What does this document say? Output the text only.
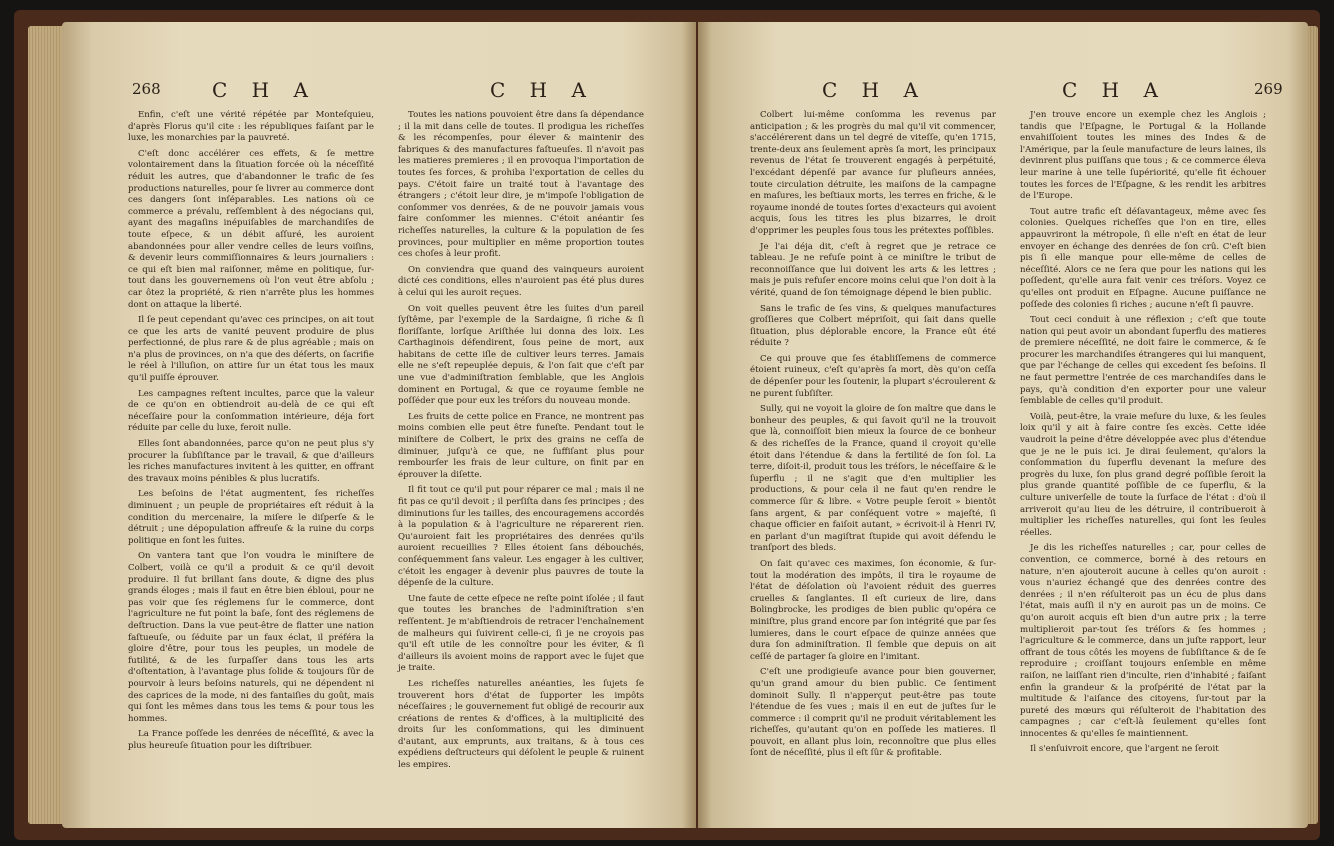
268	C H A	C H A

Enfin, c'eſt une vérité répétée par Monteſquieu, d'après Florus qu'il cite : les républiques faiſant par le luxe, les monarchies par la pauvreté.

C'eſt donc accélérer ces effets, & ſe mettre volontairement dans la ſituation forcée où la néceſſité réduit les autres, que d'abandonner le trafic de ſes productions naturelles, pour ſe livrer au commerce dont ces dangers ſont inſéparables. Les nations où ce commerce a prévalu, reſſemblent à des négocians qui, ayant des magaſins inépuiſables de marchandiſes de toute eſpece, & un débit aſſuré, les auroient abandonnées pour aller vendre celles de leurs voiſins, & devenir leurs commiſſionnaires & leurs journaliers : ce qui eſt bien mal raiſonner, même en politique, ſur-tout dans les gouvernemens où l'on veut être abſolu ; car ôtez la propriété, & rien n'arrête plus les hommes dont on attaque la liberté.

Il ſe peut cependant qu'avec ces principes, on ait tout ce que les arts de vanité peuvent produire de plus perfectionné, de plus rare & de plus agréable ; mais on n'a plus de provinces, on n'a que des déſerts, on ſacrifie le réel à l'illuſion, on attire ſur un état tous les maux qu'il puiſſe éprouver.

Les campagnes reſtent incultes, parce que la valeur de ce qu'on en obtiendroit au-delà de ce qui eſt néceſſaire pour la conſommation intérieure, déja fort réduite par celle du luxe, feroit nulle.

Elles ſont abandonnées, parce qu'on ne peut plus s'y procurer la ſubſiſtance par le travail, & que d'ailleurs les riches manufactures invitent à les quitter, en offrant des travaux moins pénibles & plus lucratifs.

Les beſoins de l'état augmentent, ſes richeſſes diminuent ; un peuple de propriétaires eſt réduit à la condition du mercenaire, la miſere le diſperſe & le détruit ; une dépopulation affreuſe & la ruine du corps politique en ſont les ſuites.

On vantera tant que l'on voudra le miniſtere de Colbert, voilà ce qu'il a produit & ce qu'il devoit produire. Il fut brillant ſans doute, & digne des plus grands éloges ; mais il faut en être bien ébloui, pour ne pas voir que ſes réglemens ſur le commerce, dont l'agriculture ne fut point la baſe, ſont des réglemens de deſtruction. Dans la vue peut-être de flatter une nation faſtueuſe, ou ſéduite par un faux éclat, il préféra la gloire d'être, pour tous les peuples, un modele de futilité, & de les ſurpaſſer dans tous les arts d'oſtentation, à l'avantage plus ſolide & toujours ſûr de pourvoir à leurs beſoins naturels, qui ne dépendent ni des caprices de la mode, ni des fantaiſies du goût, mais qui ſont les mêmes dans tous les tems & pour tous les hommes.

La France poſſede les denrées de néceſſité, & avec la plus heureuſe ſituation pour les diſtribuer.

Toutes les nations pouvoient être dans ſa dépendance ; il la mit dans celle de toutes. Il prodigua les richeſſes & les récompenſes, pour élever & maintenir des fabriques & des manufactures faſtueuſes. Il n'avoit pas les matieres premieres ; il en provoqua l'importation de toutes ſes forces, & prohiba l'exportation de celles du pays. C'étoit faire un traité tout à l'avantage des étrangers ; c'étoit leur dire, je m'impoſe l'obligation de conſommer vos denrées, & de ne pouvoir jamais vous faire conſommer les miennes. C'étoit anéantir ſes richeſſes naturelles, la culture & la population de ſes provinces, pour multiplier en même proportion toutes ces choſes à leur profit.

On conviendra que quand des vainqueurs auroient dicté ces conditions, elles n'auroient pas été plus dures à celui qui les auroit reçues.

On voit quelles peuvent être les ſuites d'un pareil ſyſtême, par l'exemple de la Sardaigne, ſi riche & ſi floriſſante, lorſque Ariſthée lui donna des loix. Les Carthaginois défendirent, ſous peine de mort, aux habitans de cette iſle de cultiver leurs terres. Jamais elle ne s'eſt repeuplée depuis, & l'on ſait que c'eſt par une vue d'adminiſtration ſemblable, que les Anglois dominent en Portugal, & que ce royaume ſemble ne poſſéder que pour eux les tréſors du nouveau monde.

Les fruits de cette police en France, ne montrent pas moins combien elle peut être funeſte. Pendant tout le miniſtere de Colbert, le prix des grains ne ceſſa de diminuer, juſqu'à ce que, ne ſuffiſant plus pour rembourſer les frais de leur culture, on finit par en éprouver la diſette.

Il fit tout ce qu'il put pour réparer ce mal ; mais il ne fit pas ce qu'il devoit ; il perſiſta dans ſes principes ; des diminutions ſur les tailles, des encouragemens accordés à la population & à l'agriculture ne réparerent rien. Qu'auroient fait les propriétaires des denrées qu'ils auroient recueillies ? Elles étoient ſans débouchés, conſéquemment ſans valeur. Les engager à les cultiver, c'étoit les engager à devenir plus pauvres de toute la dépenſe de la culture.

Une faute de cette eſpece ne reſte point iſolée ; il faut que toutes les branches de l'adminiſtration s'en reſſentent. Je m'abſtiendrois de retracer l'enchaînement de malheurs qui ſuivirent celle-ci, ſi je ne croyois pas qu'il eſt utile de les connoître pour les éviter, & ſi d'ailleurs ils avoient moins de rapport avec le ſujet que je traite.

Les richeſſes naturelles anéanties, les ſujets ſe trouverent hors d'état de ſupporter les impôts néceſſaires ; le gouvernement fut obligé de recourir aux créations de rentes & d'offices, à la multiplicité des droits ſur les conſommations, qui les diminuent d'autant, aux emprunts, aux traitans, & à tous ces expédiens deſtructeurs qui déſolent le peuple & ruinent les empires.

C H A	C H A	269

Colbert lui-même conſomma les revenus par anticipation ; & les progrès du mal qu'il vit commencer, s'accélérerent dans un tel degré de viteſſe, qu'en 1715, trente-deux ans ſeulement après ſa mort, les principaux revenus de l'état ſe trouverent engagés à perpétuité, l'excédant dépenſé par avance ſur pluſieurs années, toute circulation détruite, les maiſons de la campagne en maſures, les beſtiaux morts, les terres en friche, & le royaume inondé de toutes ſortes d'exacteurs qui avoient acquis, ſous les titres les plus bizarres, le droit d'opprimer les peuples ſous tous les prétextes poſſibles.

Je l'ai déja dit, c'eſt à regret que je retrace ce tableau. Je ne refuſe point à ce miniſtre le tribut de reconnoiſſance que lui doivent les arts & les lettres ; mais je puis refuſer encore moins celui que l'on doit à la vérité, quand de ſon témoignage dépend le bien public.

Sans le trafic de ſes vins, & quelques manufactures groſſieres que Colbert mépriſoit, qui ſait dans quelle ſituation, plus déplorable encore, la France eût été réduite ?

Ce qui prouve que ſes établiſſemens de commerce étoient ruineux, c'eſt qu'après ſa mort, dès qu'on ceſſa de dépenſer pour les ſoutenir, la plupart s'écroulerent & ne purent ſubſiſter.

Sully, qui ne voyoit la gloire de ſon maître que dans le bonheur des peuples, & qui ſavoit qu'il ne la trouvoit que là, connoiſſoit bien mieux la ſource de ce bonheur & des richeſſes de la France, quand il croyoit qu'elle étoit dans l'étendue & dans la fertilité de ſon ſol. La terre, diſoit-il, produit tous les tréſors, le néceſſaire & le ſuperflu ; il ne s'agit que d'en multiplier les productions, & pour cela il ne faut qu'en rendre le commerce ſûr & libre. « Votre peuple ſeroit » bientôt ſans argent, & par conſéquent votre » majeſté, ſi chaque officier en faiſoit autant, » écrivoit-il à Henri IV, en parlant d'un magiſtrat ſtupide qui avoit défendu le tranſport des bleds.

On ſait qu'avec ces maximes, ſon économie, & ſur-tout la modération des impôts, il tira le royaume de l'état de déſolation où l'avoient réduit des guerres cruelles & ſanglantes. Il eſt curieux de lire, dans Bolingbrocke, les prodiges de bien public qu'opéra ce miniſtre, plus grand encore par ſon intégrité que par ſes lumieres, dans le court eſpace de quinze années que dura ſon adminiſtration. Il ſemble que depuis on ait ceſſé de partager ſa gloire en l'imitant.

C'eſt une prodigieuſe avance pour bien gouverner, qu'un grand amour du bien public. Ce ſentiment dominoit Sully. Il n'apperçut peut-être pas toute l'étendue de ſes vues ; mais il en eut de juſtes ſur le commerce : il comprit qu'il ne produit véritablement les richeſſes, qu'autant qu'on en poſſede les matieres. Il pouvoit, en allant plus loin, reconnoître que plus elles ſont de néceſſité, plus il eſt ſûr & profitable.

J'en trouve encore un exemple chez les Anglois ; tandis que l'Eſpagne, le Portugal & la Hollande envahiſſoient toutes les mines des Indes & de l'Amérique, par la ſeule manufacture de leurs laines, ils devinrent plus puiſſans que tous ; & ce commerce éleva leur marine à une telle ſupériorité, qu'elle fit échouer toutes les forces de l'Eſpagne, & les rendit les arbitres de l'Europe.

Tout autre trafic eſt déſavantageux, même avec ſes colonies. Quelques richeſſes que l'on en tire, elles appauvriront la métropole, ſi elle n'eſt en état de leur envoyer en échange des denrées de ſon crû. C'eſt bien pis ſi elle manque pour elle-même de celles de néceſſité. Alors ce ne ſera que pour les nations qui les poſſedent, qu'elle aura fait venir ces tréſors. Voyez ce qu'elles ont produit en Eſpagne. Aucune puiſſance ne poſſede des colonies ſi riches ; aucune n'eſt ſi pauvre.

Tout ceci conduit à une réflexion ; c'eſt que toute nation qui peut avoir un abondant ſuperflu des matieres de premiere néceſſité, ne doit faire le commerce, & ſe procurer les marchandiſes étrangeres qui lui manquent, que par l'échange de celles qui excedent ſes beſoins. Il ne faut permettre l'entrée de ces marchandiſes dans le pays, qu'à condition d'en exporter pour une valeur ſemblable de celles qu'il produit.

Voilà, peut-être, la vraie meſure du luxe, & les ſeules loix qu'il y ait à faire contre ſes excès. Cette idée vaudroit la peine d'être développée avec plus d'étendue que je ne le puis ici. Je dirai ſeulement, qu'alors la conſommation du ſuperflu devenant la meſure des progrès du luxe, ſon plus grand degré poſſible ſeroit la plus grande quantité poſſible de ce ſuperflu, & la culture univerſelle de toute la ſurface de l'état : d'où il arriveroit qu'au lieu de les détruire, il contribueroit à multiplier les richeſſes naturelles, qui ſont les ſeules réelles.

Je dis les richeſſes naturelles ; car, pour celles de convention, ce commerce, borné à des retours en nature, n'en ajouteroit aucune à celles qu'on auroit : vous n'auriez échangé que des denrées contre des denrées ; il n'en réſulteroit pas un écu de plus dans l'état, mais auſſi il n'y en auroit pas un de moins. Ce qu'on auroit acquis eſt bien d'un autre prix ; la terre multiplieroit par-tout ſes tréſors & ſes hommes ; l'agriculture & le commerce, dans un juſte rapport, leur offrant de tous côtés les moyens de ſubſiſtance & de ſe reproduire ; croiſſant toujours enſemble en même raiſon, ne laiſſant rien d'inculte, rien d'inhabité ; faiſant enfin la grandeur & la proſpérité de l'état par la multitude & l'aiſance des citoyens, ſur-tout par la pureté des mœurs qui réſulteroit de l'habitation des campagnes ; car c'eſt-là ſeulement qu'elles ſont innocentes & qu'elles ſe maintiennent.

Il s'enſuivroit encore, que l'argent ne ſeroit
